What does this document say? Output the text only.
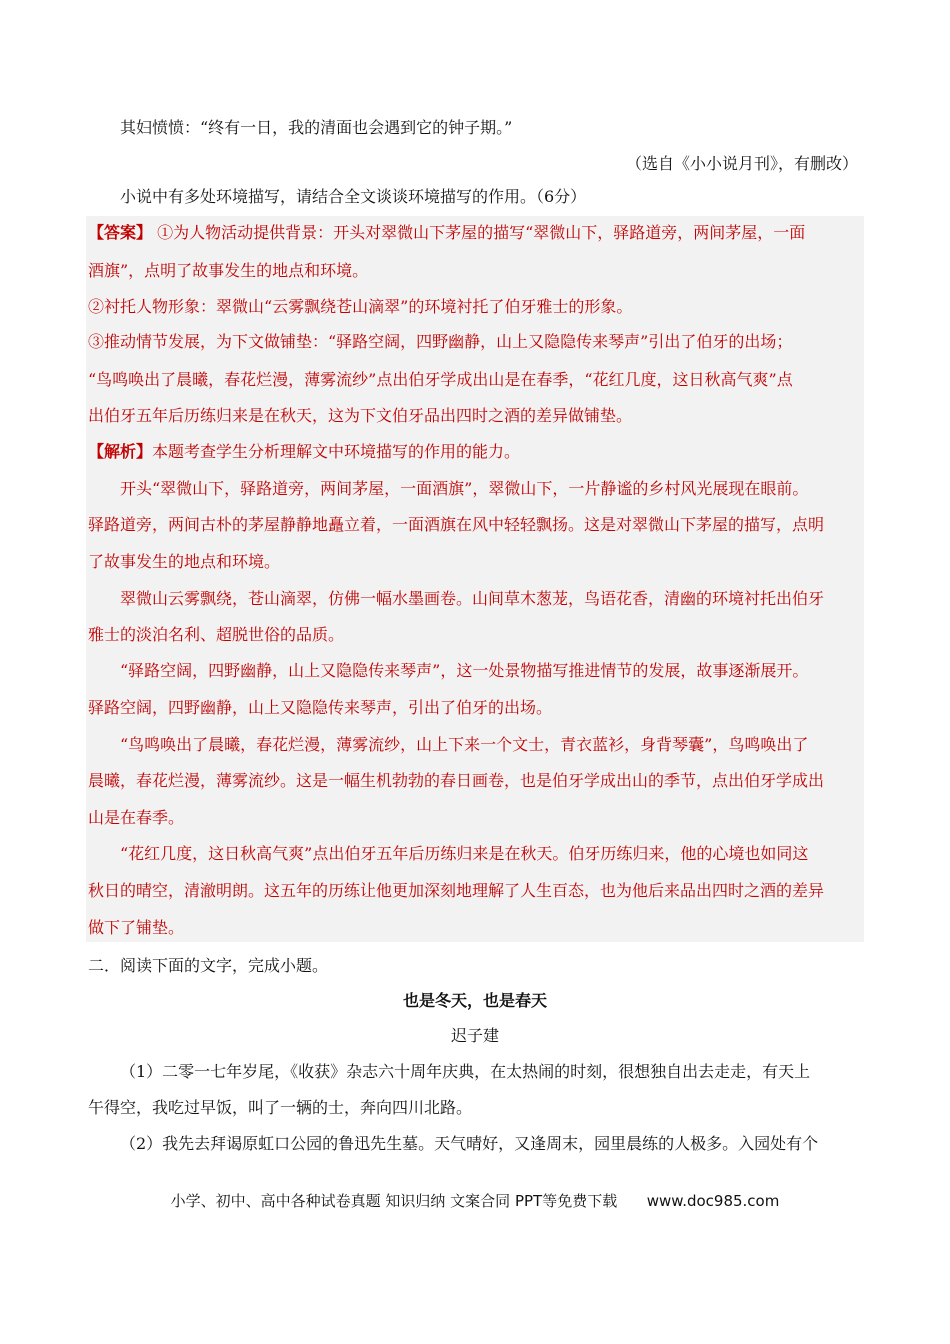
其妇愤愤：“终有一日，我的清面也会遇到它的钟子期。”
（选自《小小说月刊》，有删改）
小说中有多处环境描写，请结合全文谈谈环境描写的作用。（6分）
【答案】 ①为人物活动提供背景：开头对翠微山下茅屋的描写“翠微山下，驿路道旁，两间茅屋，一面
酒旗”，点明了故事发生的地点和环境。
②衬托人物形象：翠微山“云雾飘绕苍山滴翠”的环境衬托了伯牙雅士的形象。
③推动情节发展，为下文做铺垫：“驿路空阔，四野幽静，山上又隐隐传来琴声”引出了伯牙的出场；
“鸟鸣唤出了晨曦，春花烂漫，薄雾流纱”点出伯牙学成出山是在春季，“花红几度，这日秋高气爽”点
出伯牙五年后历练归来是在秋天，这为下文伯牙品出四时之酒的差异做铺垫。
【解析】本题考查学生分析理解文中环境描写的作用的能力。
开头“翠微山下，驿路道旁，两间茅屋，一面酒旗”，翠微山下，一片静谧的乡村风光展现在眼前。
驿路道旁，两间古朴的茅屋静静地矗立着，一面酒旗在风中轻轻飘扬。这是对翠微山下茅屋的描写，点明
了故事发生的地点和环境。
翠微山云雾飘绕，苍山滴翠，仿佛一幅水墨画卷。山间草木葱茏，鸟语花香，清幽的环境衬托出伯牙
雅士的淡泊名利、超脱世俗的品质。
“驿路空阔，四野幽静，山上又隐隐传来琴声”，这一处景物描写推进情节的发展，故事逐渐展开。
驿路空阔，四野幽静，山上又隐隐传来琴声，引出了伯牙的出场。
“鸟鸣唤出了晨曦，春花烂漫，薄雾流纱，山上下来一个文士，青衣蓝衫，身背琴囊”，鸟鸣唤出了
晨曦，春花烂漫，薄雾流纱。这是一幅生机勃勃的春日画卷，也是伯牙学成出山的季节，点出伯牙学成出
山是在春季。
“花红几度，这日秋高气爽”点出伯牙五年后历练归来是在秋天。伯牙历练归来，他的心境也如同这
秋日的晴空，清澈明朗。这五年的历练让他更加深刻地理解了人生百态，也为他后来品出四时之酒的差异
做下了铺垫。
二．阅读下面的文字，完成小题。
也是冬天，也是春天
迟子建
（1）二零一七年岁尾，《收获》杂志六十周年庆典，在太热闹的时刻，很想独自出去走走，有天上
午得空，我吃过早饭，叫了一辆的士，奔向四川北路。
（2）我先去拜谒原虹口公园的鲁迅先生墓。天气晴好，又逢周末，园里晨练的人极多。入园处有个
小学、初中、高中各种试卷真题 知识归纳 文案合同 PPT等免费下载 www.doc985.com
